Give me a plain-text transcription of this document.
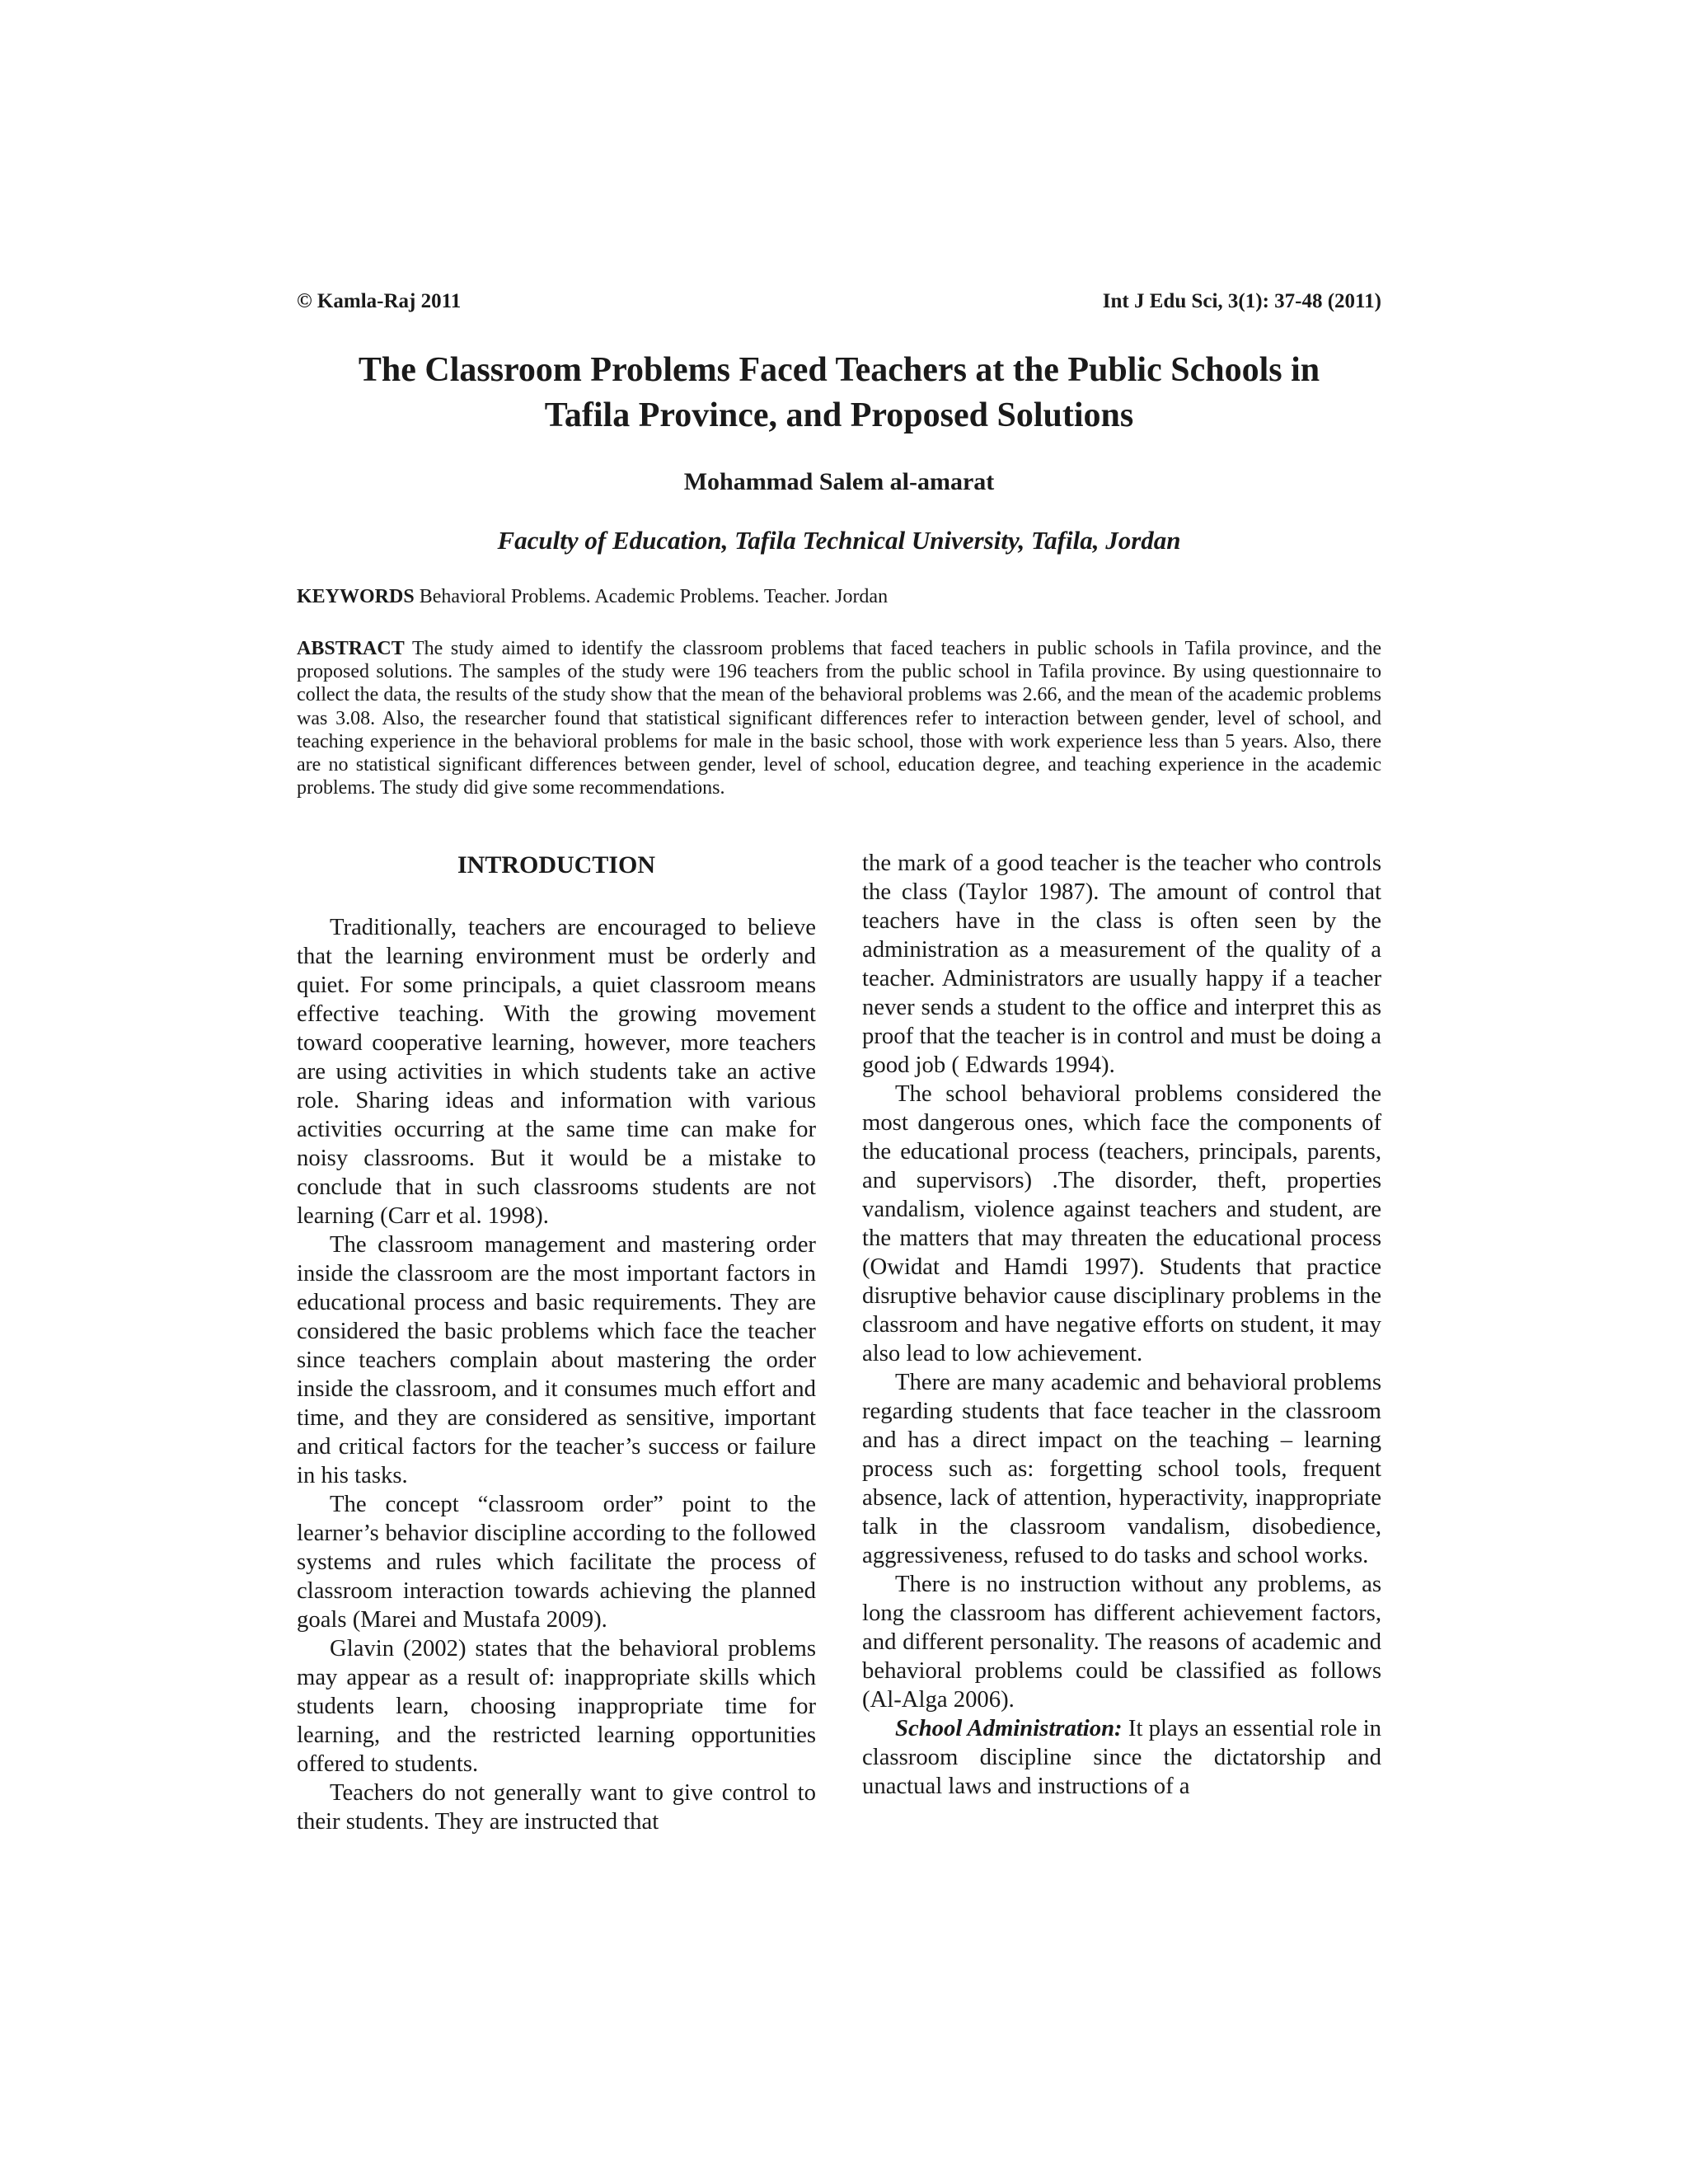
© Kamla-Raj 2011	Int J Edu Sci, 3(1): 37-48 (2011)
The Classroom Problems Faced Teachers at the Public Schools in
Tafila Province, and Proposed Solutions

Mohammad Salem al-amarat

Faculty of Education, Tafila Technical University, Tafila, Jordan

KEYWORDS Behavioral Problems. Academic Problems. Teacher. Jordan

ABSTRACT The study aimed to identify the classroom problems that faced teachers in public schools in Tafila province, and the proposed solutions. The samples of the study were 196 teachers from the public school in Tafila province. By using questionnaire to collect the data, the results of the study show that the mean of the behavioral problems was 2.66, and the mean of the academic problems was 3.08. Also, the researcher found that statistical significant differences refer to interaction between gender, level of school, and teaching experience in the behavioral problems for male in the basic school, those with work experience less than 5 years. Also, there are no statistical significant differences between gender, level of school, education degree, and teaching experience in the academic problems. The study did give some recommendations.

INTRODUCTION

Traditionally, teachers are encouraged to believe that the learning environment must be orderly and quiet. For some principals, a quiet classroom means effective teaching. With the growing movement toward cooperative learning, however, more teachers are using activities in which students take an active role. Sharing ideas and information with various activities occurring at the same time can make for noisy classrooms. But it would be a mistake to conclude that in such classrooms students are not learning (Carr et al. 1998).

The classroom management and mastering order inside the classroom are the most important factors in educational process and basic requirements. They are considered the basic problems which face the teacher since teachers complain about mastering the order inside the classroom, and it consumes much effort and time, and they are considered as sensitive, important and critical factors for the teacher’s success or failure in his tasks.

The concept “classroom order” point to the learner’s behavior discipline according to the followed systems and rules which facilitate the process of classroom interaction towards achieving the planned goals (Marei and Mustafa 2009).

Glavin (2002) states that the behavioral problems may appear as a result of: inappropriate skills which students learn, choosing inappropriate time for learning, and the restricted learning opportunities offered to students.

Teachers do not generally want to give control to their students. They are instructed that

the mark of a good teacher is the teacher who controls the class (Taylor 1987). The amount of control that teachers have in the class is often seen by the administration as a measurement of the quality of a teacher. Administrators are usually happy if a teacher never sends a student to the office and interpret this as proof that the teacher is in control and must be doing a good job ( Edwards 1994).

The school behavioral problems considered the most dangerous ones, which face the components of the educational process (teachers, principals, parents, and supervisors) .The disorder, theft, properties vandalism, violence against teachers and student, are the matters that may threaten the educational process (Owidat and Hamdi 1997). Students that practice disruptive behavior cause disciplinary problems in the classroom and have negative efforts on student, it may also lead to low achievement.

There are many academic and behavioral problems regarding students that face teacher in the classroom and has a direct impact on the teaching – learning process such as: forgetting school tools, frequent absence, lack of attention, hyperactivity, inappropriate talk in the classroom vandalism, disobedience, aggressiveness, refused to do tasks and school works.

There is no instruction without any problems, as long the classroom has different achievement factors, and different personality. The reasons of academic and behavioral problems could be classified as follows (Al-Alga 2006).

School Administration: It plays an essential role in classroom discipline since the dictatorship and unactual laws and instructions of a
